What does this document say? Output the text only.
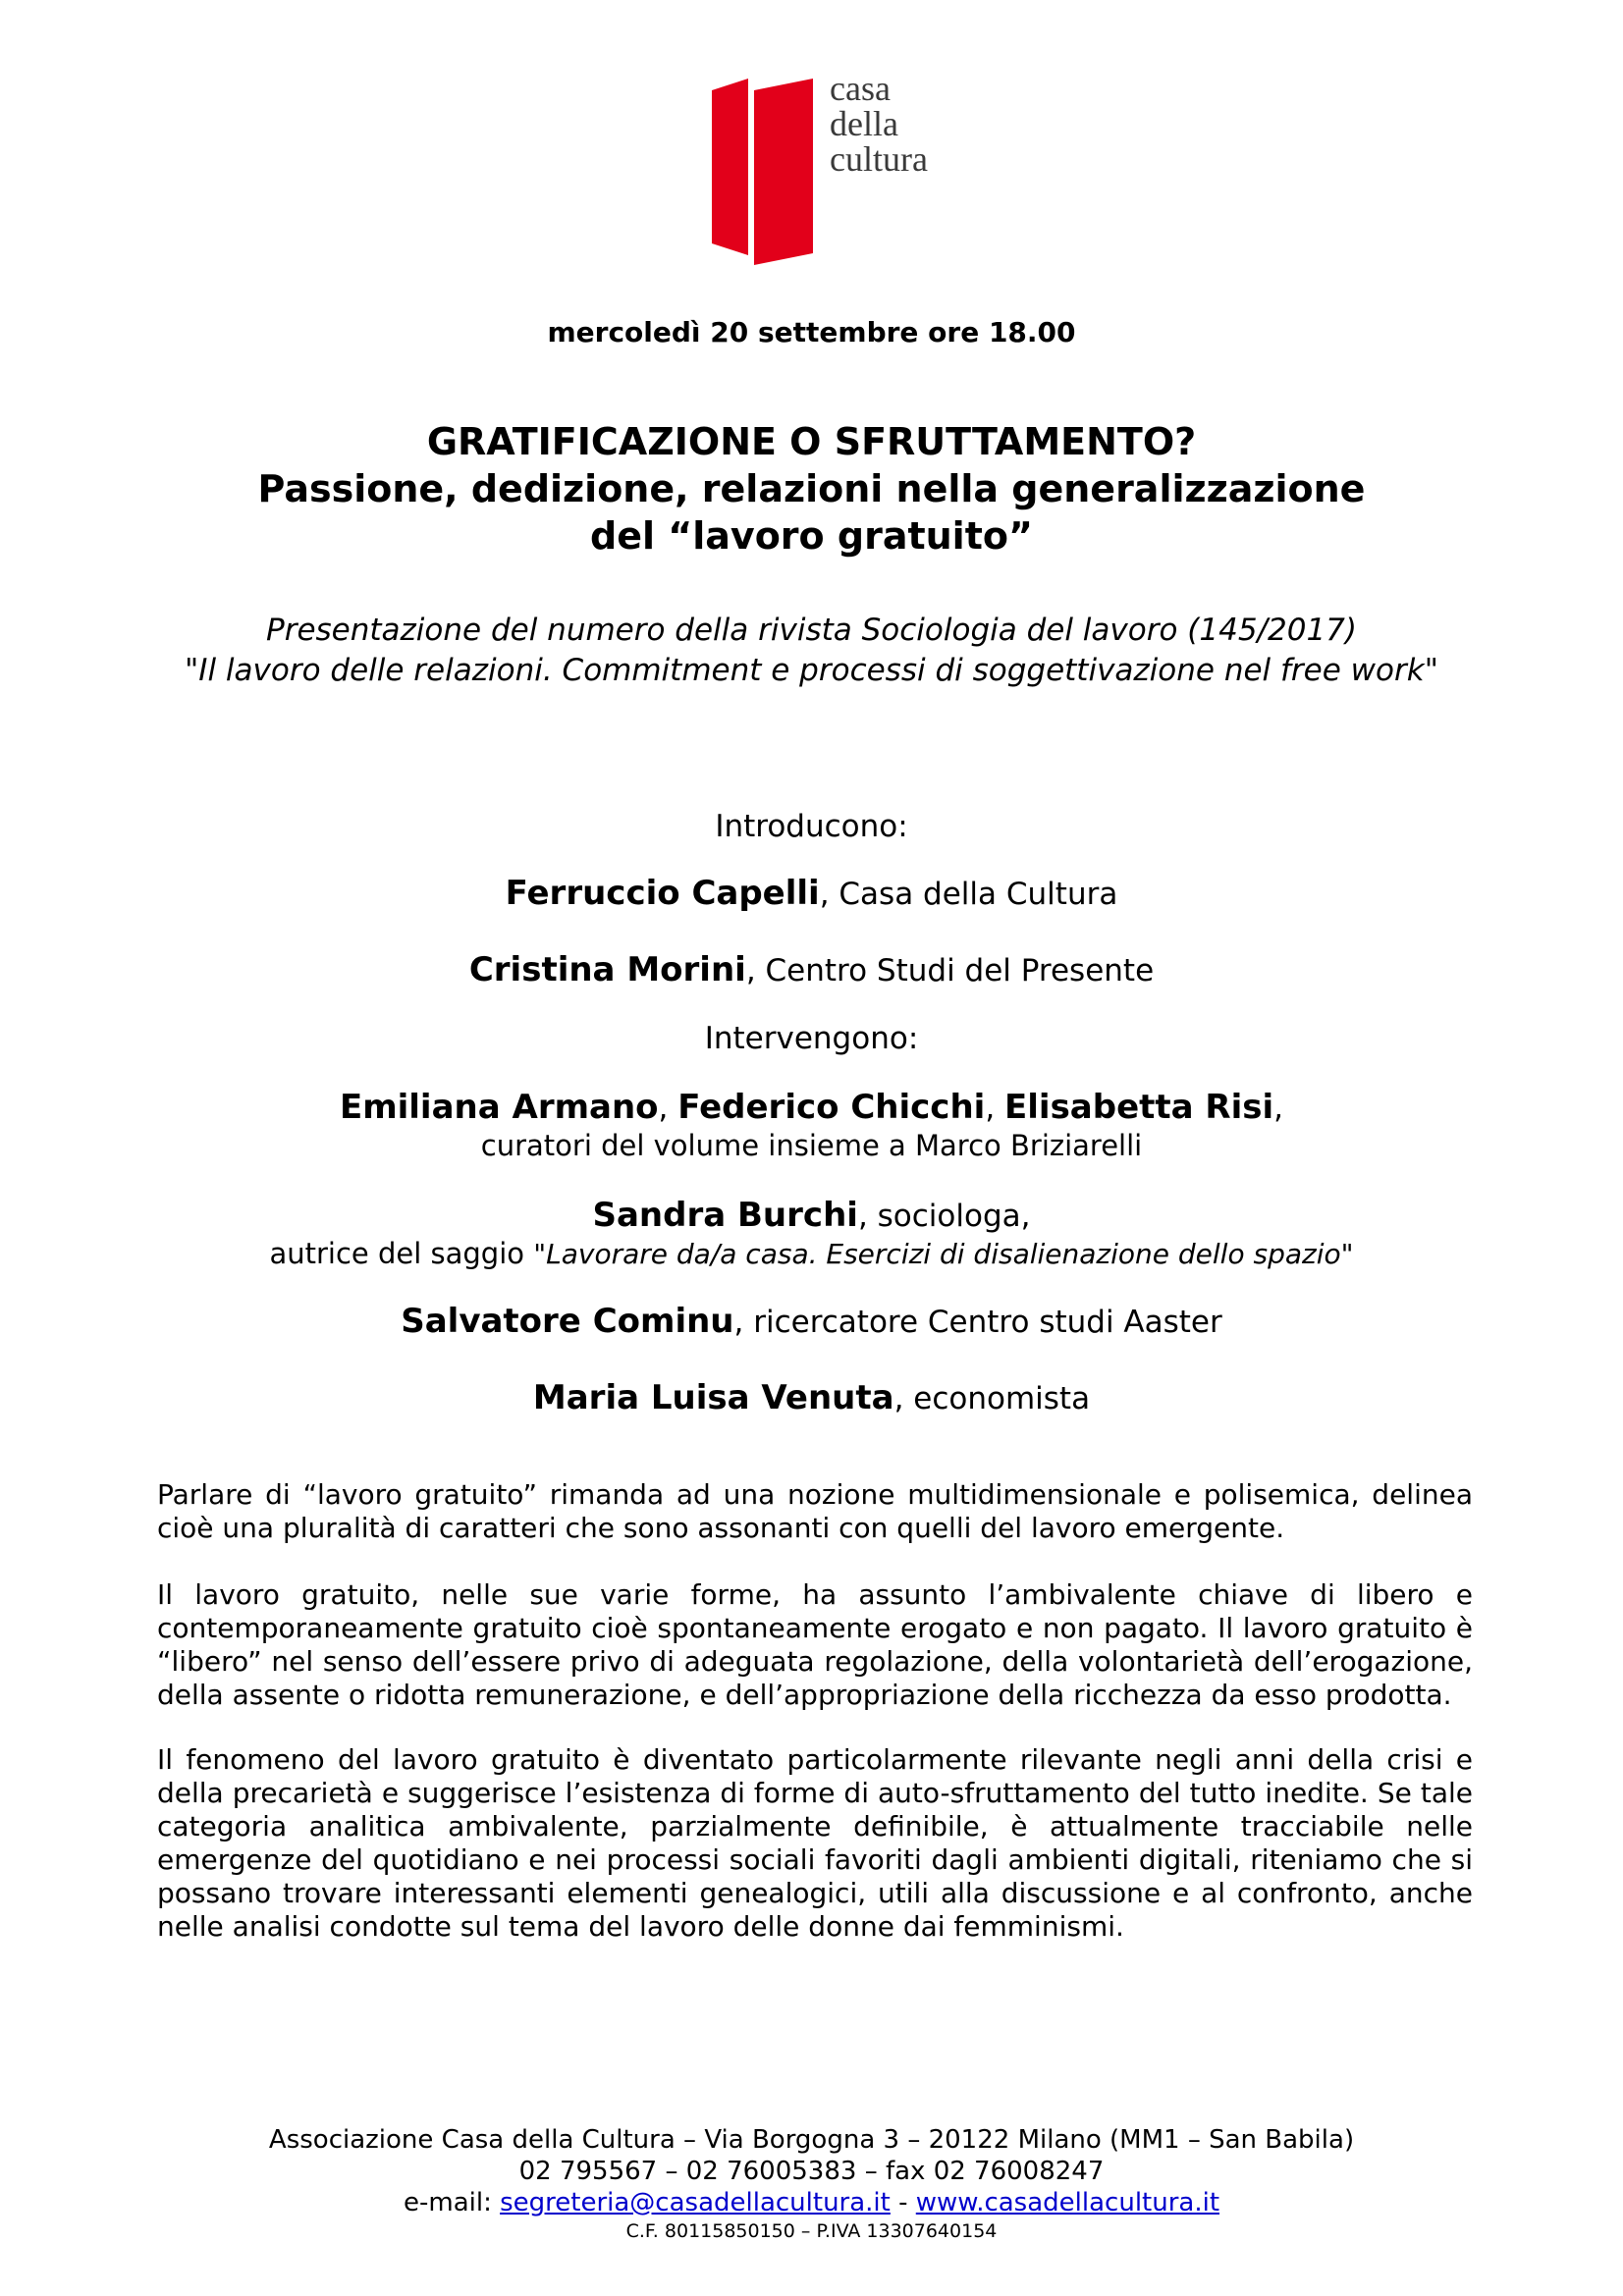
casa
della
cultura
mercoledì 20 settembre ore 18.00
GRATIFICAZIONE O SFRUTTAMENTO?
Passione, dedizione, relazioni nella generalizzazione
del “lavoro gratuito”
Presentazione del numero della rivista Sociologia del lavoro (145/2017)
"Il lavoro delle relazioni. Commitment e processi di soggettivazione nel free work"
Introducono:
Ferruccio Capelli, Casa della Cultura
Cristina Morini, Centro Studi del Presente
Intervengono:
Emiliana Armano, Federico Chicchi, Elisabetta Risi,
curatori del volume insieme a Marco Briziarelli
Sandra Burchi, sociologa,
autrice del saggio "Lavorare da/a casa. Esercizi di disalienazione dello spazio"
Salvatore Cominu, ricercatore Centro studi Aaster
Maria Luisa Venuta, economista

Parlare di “lavoro gratuito” rimanda ad una nozione multidimensionale e polisemica, delinea cioè una pluralità di caratteri che sono assonanti con quelli del lavoro emergente.

Il lavoro gratuito, nelle sue varie forme, ha assunto l’ambivalente chiave di libero e contemporaneamente gratuito cioè spontaneamente erogato e non pagato. Il lavoro gratuito è “libero” nel senso dell’essere privo di adeguata regolazione, della volontarietà dell’erogazione, della assente o ridotta remunerazione, e dell’appropriazione della ricchezza da esso prodotta.

Il fenomeno del lavoro gratuito è diventato particolarmente rilevante negli anni della crisi e della precarietà e suggerisce l’esistenza di forme di auto-sfruttamento del tutto inedite. Se tale categoria analitica ambivalente, parzialmente definibile, è attualmente tracciabile nelle emergenze del quotidiano e nei processi sociali favoriti dagli ambienti digitali, riteniamo che si possano trovare interessanti elementi genealogici, utili alla discussione e al confronto, anche nelle analisi condotte sul tema del lavoro delle donne dai femminismi.

Associazione Casa della Cultura – Via Borgogna 3 – 20122 Milano (MM1 – San Babila)
02 795567 – 02 76005383 – fax 02 76008247
e-mail: segreteria@casadellacultura.it - www.casadellacultura.it
C.F. 80115850150 – P.IVA 13307640154
